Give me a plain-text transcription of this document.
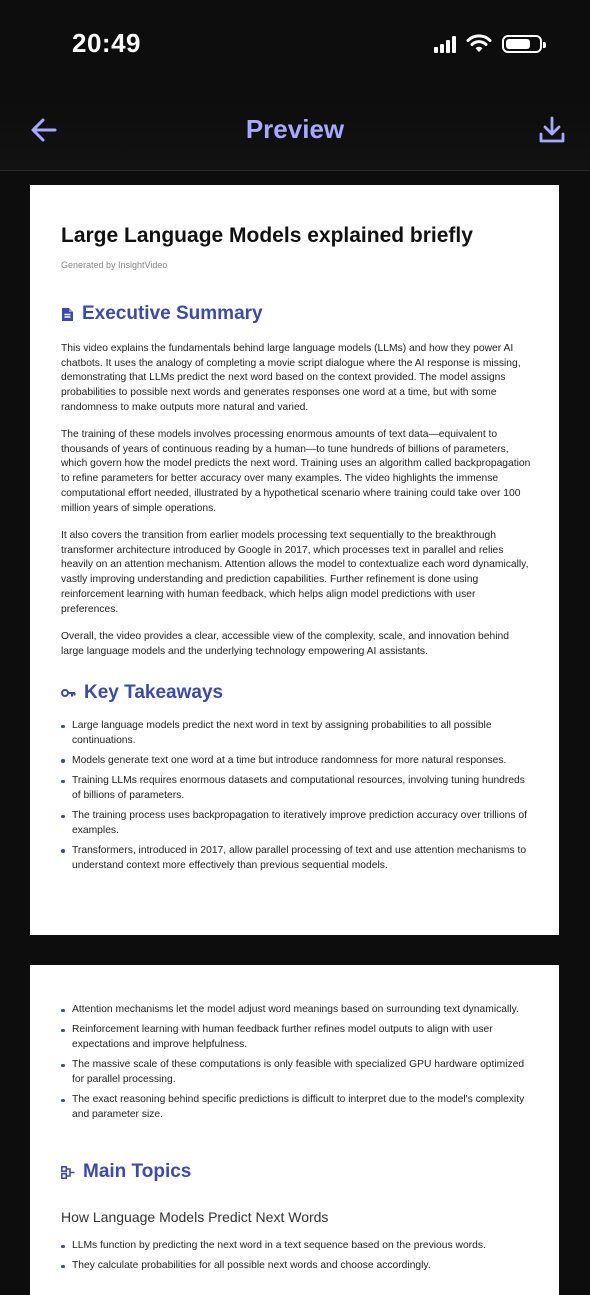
20:49
Preview
Large Language Models explained briefly
Generated by InsightVideo
Executive Summary

This video explains the fundamentals behind large language models (LLMs) and how they power AI chatbots. It uses the analogy of completing a movie script dialogue where the AI response is missing, demonstrating that LLMs predict the next word based on the context provided. The model assigns probabilities to possible next words and generates responses one word at a time, but with some randomness to make outputs more natural and varied.

The training of these models involves processing enormous amounts of text data—equivalent to thousands of years of continuous reading by a human—to tune hundreds of billions of parameters, which govern how the model predicts the next word. Training uses an algorithm called backpropagation to refine parameters for better accuracy over many examples. The video highlights the immense computational effort needed, illustrated by a hypothetical scenario where training could take over 100 million years of simple operations.

It also covers the transition from earlier models processing text sequentially to the breakthrough transformer architecture introduced by Google in 2017, which processes text in parallel and relies heavily on an attention mechanism. Attention allows the model to contextualize each word dynamically, vastly improving understanding and prediction capabilities. Further refinement is done using reinforcement learning with human feedback, which helps align model predictions with user preferences.

Overall, the video provides a clear, accessible view of the complexity, scale, and innovation behind large language models and the underlying technology empowering AI assistants.

Key Takeaways
Large language models predict the next word in text by assigning probabilities to all possible continuations.
Models generate text one word at a time but introduce randomness for more natural responses.
Training LLMs requires enormous datasets and computational resources, involving tuning hundreds of billions of parameters.
The training process uses backpropagation to iteratively improve prediction accuracy over trillions of examples.
Transformers, introduced in 2017, allow parallel processing of text and use attention mechanisms to understand context more effectively than previous sequential models.
Attention mechanisms let the model adjust word meanings based on surrounding text dynamically.
Reinforcement learning with human feedback further refines model outputs to align with user expectations and improve helpfulness.
The massive scale of these computations is only feasible with specialized GPU hardware optimized for parallel processing.
The exact reasoning behind specific predictions is difficult to interpret due to the model's complexity and parameter size.
Main Topics
How Language Models Predict Next Words
LLMs function by predicting the next word in a text sequence based on the previous words.
They calculate probabilities for all possible next words and choose accordingly.
